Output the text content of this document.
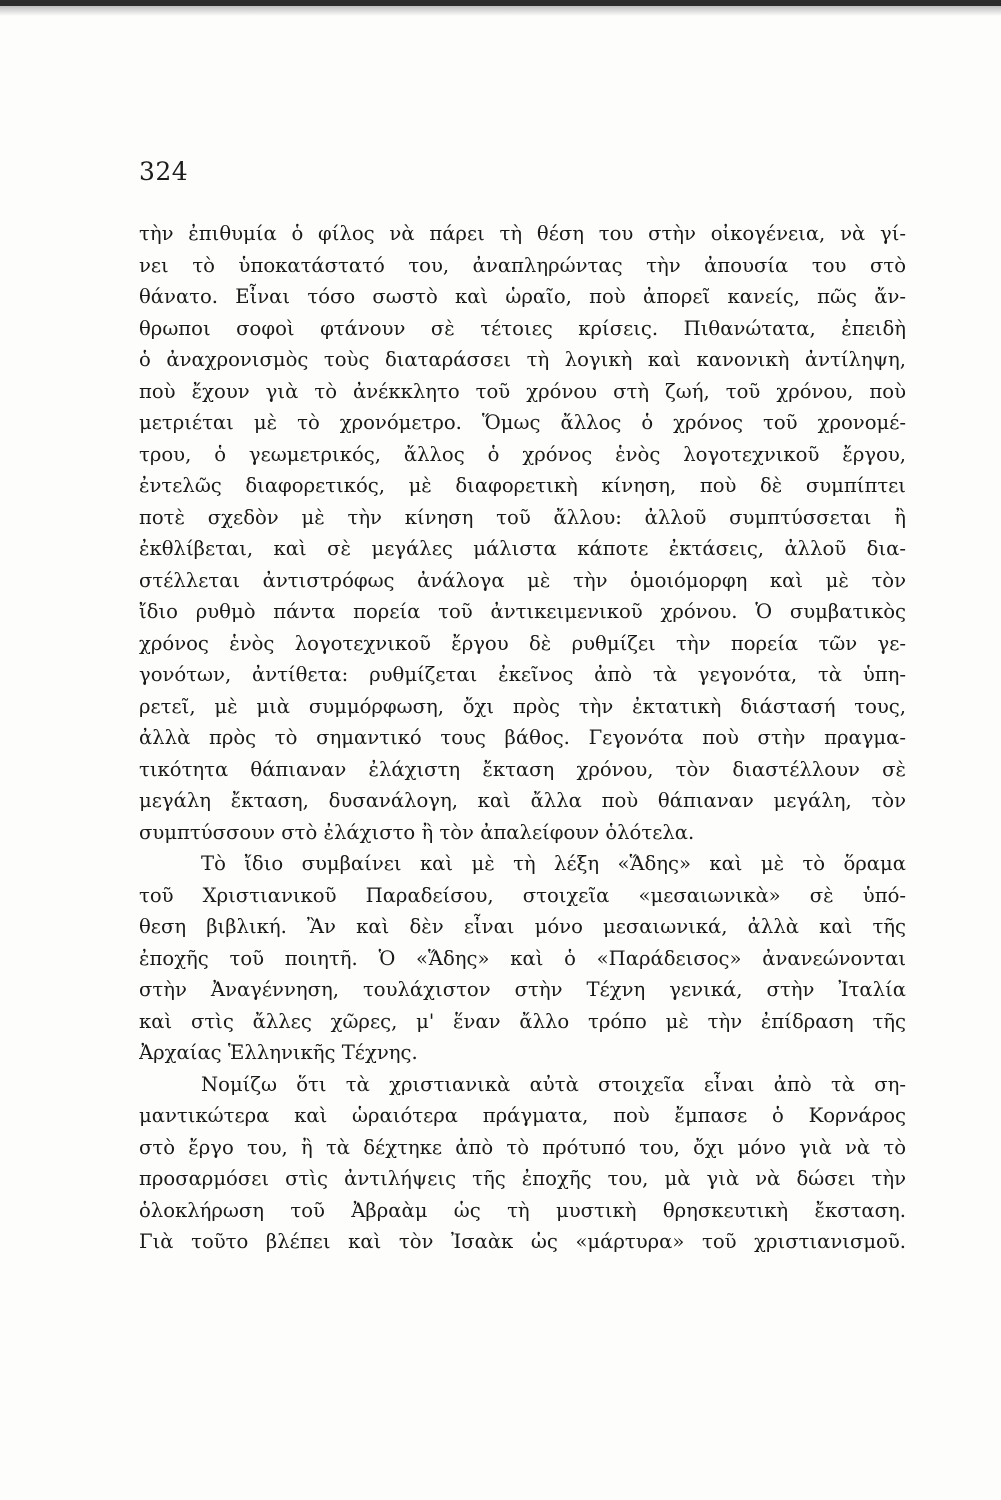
324
τὴν ἐπιθυμία ὁ φίλος νὰ πάρει τὴ θέση του στὴν οἰκογένεια, νὰ γί-
νει τὸ ὑποκατάστατό του, ἀναπληρώντας τὴν ἀπουσία του στὸ
θάνατο. Εἶναι τόσο σωστὸ καὶ ὡραῖο, ποὺ ἀπορεῖ κανείς, πῶς ἄν-
θρωποι σοφοὶ φτάνουν σὲ τέτοιες κρίσεις. Πιθανώτατα, ἐπειδὴ
ὁ ἀναχρονισμὸς τοὺς διαταράσσει τὴ λογικὴ καὶ κανονικὴ ἀντίληψη,
ποὺ ἔχουν γιὰ τὸ ἀνέκκλητο τοῦ χρόνου στὴ ζωή, τοῦ χρόνου, ποὺ
μετριέται μὲ τὸ χρονόμετρο. Ὅμως ἄλλος ὁ χρόνος τοῦ χρονομέ-
τρου, ὁ γεωμετρικός, ἄλλος ὁ χρόνος ἑνὸς λογοτεχνικοῦ ἔργου,
ἐντελῶς διαφορετικός, μὲ διαφορετικὴ κίνηση, ποὺ δὲ συμπίπτει
ποτὲ σχεδὸν μὲ τὴν κίνηση τοῦ ἄλλου: ἀλλοῦ συμπτύσσεται ἢ
ἐκθλίβεται, καὶ σὲ μεγάλες μάλιστα κάποτε ἐκτάσεις, ἀλλοῦ δια-
στέλλεται ἀντιστρόφως ἀνάλογα μὲ τὴν ὁμοιόμορφη καὶ μὲ τὸν
ἴδιο ρυθμὸ πάντα πορεία τοῦ ἀντικειμενικοῦ χρόνου. Ὁ συμβατικὸς
χρόνος ἑνὸς λογοτεχνικοῦ ἔργου δὲ ρυθμίζει τὴν πορεία τῶν γε-
γονότων, ἀντίθετα: ρυθμίζεται ἐκεῖνος ἀπὸ τὰ γεγονότα, τὰ ὑπη-
ρετεῖ, μὲ μιὰ συμμόρφωση, ὄχι πρὸς τὴν ἐκτατικὴ διάστασή τους,
ἀλλὰ πρὸς τὸ σημαντικό τους βάθος. Γεγονότα ποὺ στὴν πραγμα-
τικότητα θάπιαναν ἐλάχιστη ἔκταση χρόνου, τὸν διαστέλλουν σὲ
μεγάλη ἔκταση, δυσανάλογη, καὶ ἄλλα ποὺ θάπιαναν μεγάλη, τὸν
συμπτύσσουν στὸ ἐλάχιστο ἢ τὸν ἀπαλείφουν ὁλότελα.
Τὸ ἴδιο συμβαίνει καὶ μὲ τὴ λέξη «Ἅδης» καὶ μὲ τὸ ὅραμα
τοῦ Χριστιανικοῦ Παραδείσου, στοιχεῖα «μεσαιωνικὰ» σὲ ὑπό-
θεση βιβλική. Ἂν καὶ δὲν εἶναι μόνο μεσαιωνικά, ἀλλὰ καὶ τῆς
ἐποχῆς τοῦ ποιητῆ. Ὁ «Ἅδης» καὶ ὁ «Παράδεισος» ἀνανεώνονται
στὴν Ἀναγέννηση, τουλάχιστον στὴν Τέχνη γενικά, στὴν Ἰταλία
καὶ στὶς ἄλλες χῶρες, μ' ἕναν ἄλλο τρόπο μὲ τὴν ἐπίδραση τῆς
Ἀρχαίας Ἑλληνικῆς Τέχνης.
Νομίζω ὅτι τὰ χριστιανικὰ αὐτὰ στοιχεῖα εἶναι ἀπὸ τὰ ση-
μαντικώτερα καὶ ὡραιότερα πράγματα, ποὺ ἔμπασε ὁ Κορνάρος
στὸ ἔργο του, ἢ τὰ δέχτηκε ἀπὸ τὸ πρότυπό του, ὄχι μόνο γιὰ νὰ τὸ
προσαρμόσει στὶς ἀντιλήψεις τῆς ἐποχῆς του, μὰ γιὰ νὰ δώσει τὴν
ὁλοκλήρωση τοῦ Ἀβραὰμ ὡς τὴ μυστικὴ θρησκευτικὴ ἔκσταση.
Γιὰ τοῦτο βλέπει καὶ τὸν Ἰσαὰκ ὡς «μάρτυρα» τοῦ χριστιανισμοῦ.
